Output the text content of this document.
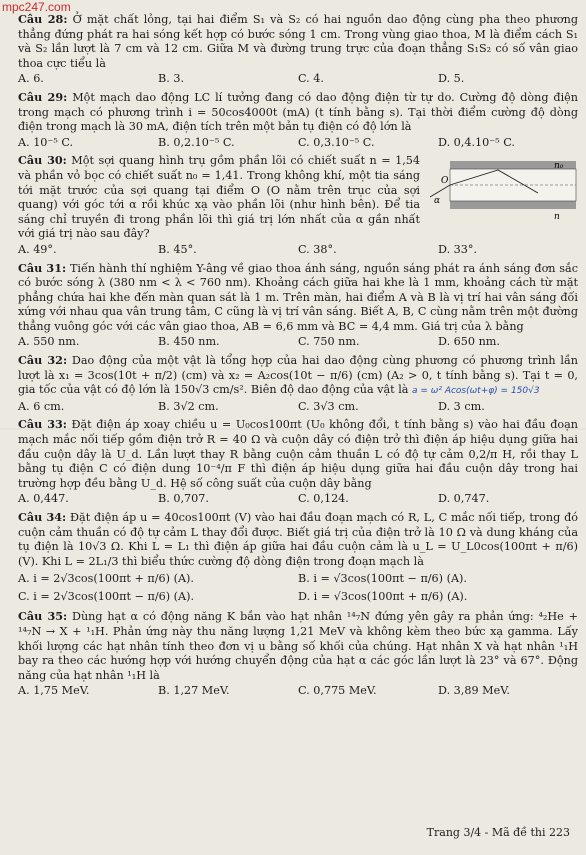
mpc247.com

Câu 28: Ở mặt chất lỏng, tại hai điểm S₁ và S₂ có hai nguồn dao động cùng pha theo phương thẳng đứng phát ra hai sóng kết hợp có bước sóng 1 cm. Trong vùng giao thoa, M là điểm cách S₁ và S₂ lần lượt là 7 cm và 12 cm. Giữa M và đường trung trực của đoạn thẳng S₁S₂ có số vân giao thoa cực tiểu là

A. 6.	B. 3.	C. 4.	D. 5.

Câu 29: Một mạch dao động LC lí tưởng đang có dao động điện từ tự do. Cường độ dòng điện trong mạch có phương trình i = 50cos4000t (mA) (t tính bằng s). Tại thời điểm cường độ dòng điện trong mạch là 30 mA, điện tích trên một bản tụ điện có độ lớn là

A. 10⁻⁵ C.	B. 0,2.10⁻⁵ C.	C. 0,3.10⁻⁵ C.	D. 0,4.10⁻⁵ C.
n₀
n
O
α

Câu 30: Một sợi quang hình trụ gồm phần lõi có chiết suất n = 1,54 và phần vỏ bọc có chiết suất n₀ = 1,41. Trong không khí, một tia sáng tới mặt trước của sợi quang tại điểm O (O nằm trên trục của sợi quang) với góc tới α rồi khúc xạ vào phần lõi (như hình bên). Để tia sáng chỉ truyền đi trong phần lõi thì giá trị lớn nhất của α gần nhất với giá trị nào sau đây?

A. 49°.	B. 45°.	C. 38°.	D. 33°.

Câu 31: Tiến hành thí nghiệm Y-âng về giao thoa ánh sáng, nguồn sáng phát ra ánh sáng đơn sắc có bước sóng λ (380 nm < λ < 760 nm). Khoảng cách giữa hai khe là 1 mm, khoảng cách từ mặt phẳng chứa hai khe đến màn quan sát là 1 m. Trên màn, hai điểm A và B là vị trí hai vân sáng đối xứng với nhau qua vân trung tâm, C cũng là vị trí vân sáng. Biết A, B, C cùng nằm trên một đường thẳng vuông góc với các vân giao thoa, AB = 6,6 mm và BC = 4,4 mm. Giá trị của λ bằng

A. 550 nm.	B. 450 nm.	C. 750 nm.	D. 650 nm.

Câu 32: Dao động của một vật là tổng hợp của hai dao động cùng phương có phương trình lần lượt là x₁ = 3cos(10t + π/2) (cm) và x₂ = A₂cos(10t − π/6) (cm) (A₂ > 0, t tính bằng s). Tại t = 0, gia tốc của vật có độ lớn là 150√3 cm/s². Biên độ dao động của vật là a = ω² Acos(ωt+φ) = 150√3

A. 6 cm.	B. 3√2 cm.	C. 3√3 cm.	D. 3 cm.

Câu 33: Đặt điện áp xoay chiều u = U₀cos100πt (U₀ không đổi, t tính bằng s) vào hai đầu đoạn mạch mắc nối tiếp gồm điện trở R = 40 Ω và cuộn dây có điện trở thì điện áp hiệu dụng giữa hai đầu cuộn dây là U_d. Lần lượt thay R bằng cuộn cảm thuần L có độ tự cảm 0,2/π H, rồi thay L bằng tụ điện C có điện dung 10⁻⁴/π F thì điện áp hiệu dụng giữa hai đầu cuộn dây trong hai trường hợp đều bằng U_d. Hệ số công suất của cuộn dây bằng

A. 0,447.	B. 0,707.	C. 0,124.	D. 0,747.

Câu 34: Đặt điện áp u = 40cos100πt (V) vào hai đầu đoạn mạch có R, L, C mắc nối tiếp, trong đó cuộn cảm thuần có độ tự cảm L thay đổi được. Biết giá trị của điện trở là 10 Ω và dung kháng của tụ điện là 10√3 Ω. Khi L = L₁ thì điện áp giữa hai đầu cuộn cảm là u_L = U_L0cos(100πt + π/6) (V). Khi L = 2L₁/3 thì biểu thức cường độ dòng điện trong đoạn mạch là

A. i = 2√3cos(100πt + π/6) (A).	B. i = √3cos(100πt − π/6) (A).
C. i = 2√3cos(100πt − π/6) (A).	D. i = √3cos(100πt + π/6) (A).

Câu 35: Dùng hạt α có động năng K bắn vào hạt nhân ¹⁴₇N đứng yên gây ra phản ứng: ⁴₂He + ¹⁴₇N → X + ¹₁H. Phản ứng này thu năng lượng 1,21 MeV và không kèm theo bức xạ gamma. Lấy khối lượng các hạt nhân tính theo đơn vị u bằng số khối của chúng. Hạt nhân X và hạt nhân ¹₁H bay ra theo các hướng hợp với hướng chuyển động của hạt α các góc lần lượt là 23° và 67°. Động năng của hạt nhân ¹₁H là

A. 1,75 MeV.	B. 1,27 MeV.	C. 0,775 MeV.	D. 3,89 MeV.
Trang 3/4 - Mã đề thi 223
